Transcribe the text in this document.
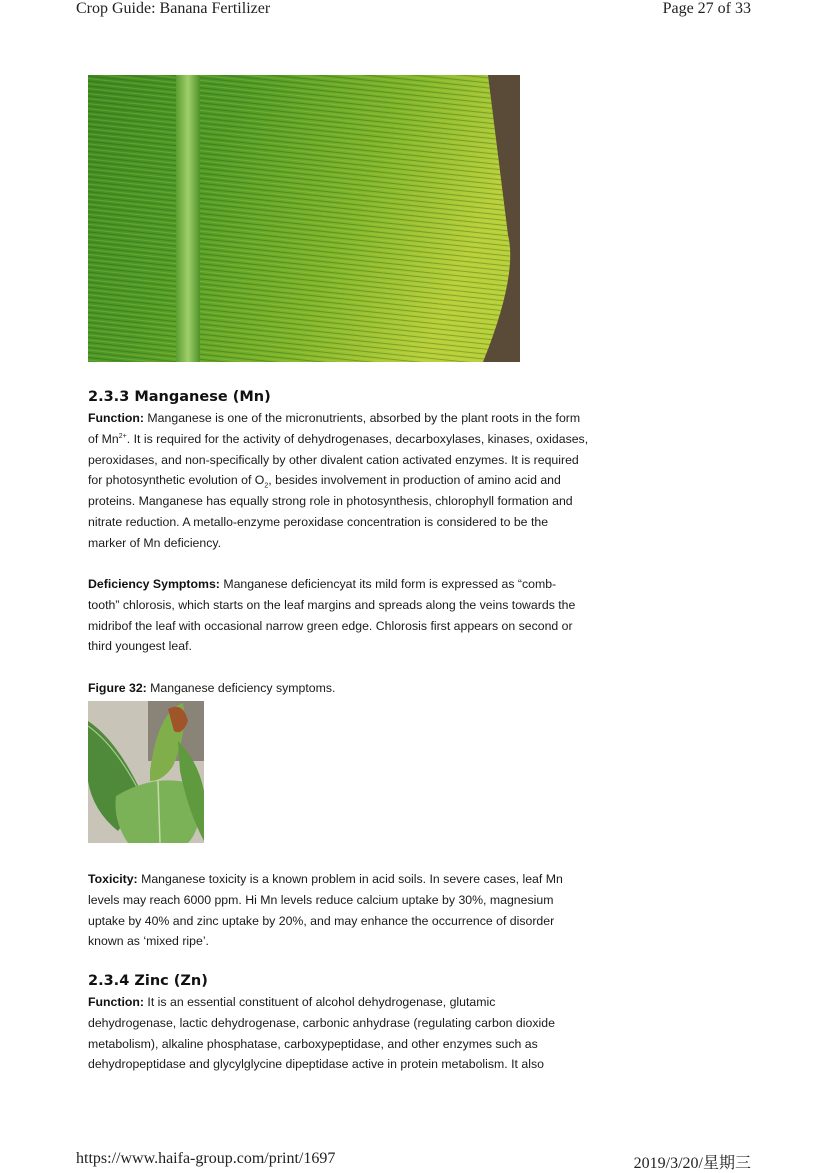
Crop Guide: Banana Fertilizer	Page 27 of 33
2.3.3 Manganese (Mn)

Function: Manganese is one of the micronutrients, absorbed by the plant roots in the form
of $Mn^{2+}$. It is required for the activity of dehydrogenases, decarboxylases, kinases, oxidases,
peroxidases, and non-specifically by other divalent cation activated enzymes. It is required
for photosynthetic evolution of $O_2$, besides involvement in production of amino acid and
proteins. Manganese has equally strong role in photosynthesis, chlorophyll formation and
nitrate reduction. A metallo-enzyme peroxidase concentration is considered to be the
marker of Mn deficiency.

Deficiency Symptoms: Manganese deficiencyat its mild form is expressed as “comb-
tooth” chlorosis, which starts on the leaf margins and spreads along the veins towards the
midribof the leaf with occasional narrow green edge. Chlorosis first appears on second or
third youngest leaf.

Figure 32: Manganese deficiency symptoms.

Toxicity: Manganese toxicity is a known problem in acid soils. In severe cases, leaf Mn
levels may reach 6000 ppm. Hi Mn levels reduce calcium uptake by 30%, magnesium
uptake by 40% and zinc uptake by 20%, and may enhance the occurrence of disorder
known as ‘mixed ripe’.

2.3.4 Zinc (Zn)

Function: It is an essential constituent of alcohol dehydrogenase, glutamic
dehydrogenase, lactic dehydrogenase, carbonic anhydrase (regulating carbon dioxide
metabolism), alkaline phosphatase, carboxypeptidase, and other enzymes such as
dehydropeptidase and glycylglycine dipeptidase active in protein metabolism. It also

https://www.haifa-group.com/print/1697	2019/3/20/星期三
